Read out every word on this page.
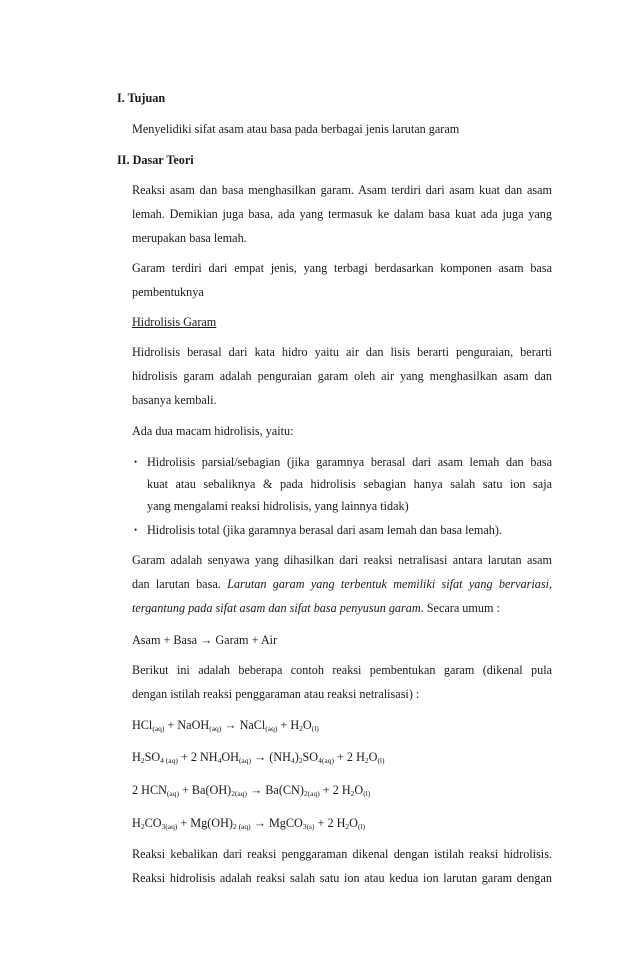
I. Tujuan
Menyelidiki sifat asam atau basa pada berbagai jenis larutan garam
II. Dasar Teori
Reaksi asam dan basa menghasilkan garam. Asam terdiri dari asam kuat dan asam
lemah. Demikian juga basa, ada yang termasuk ke dalam basa kuat ada juga yang
merupakan basa lemah.
Garam terdiri dari empat jenis, yang terbagi berdasarkan komponen asam basa
pembentuknya
Hidrolisis Garam
Hidrolisis berasal dari kata hidro yaitu air dan lisis berarti penguraian, berarti
hidrolisis garam adalah penguraian garam oleh air yang menghasilkan asam dan
basanya kembali.
Ada dua macam hidrolisis, yaitu:
• Hidrolisis parsial/sebagian (jika garamnya berasal dari asam lemah dan basa
kuat atau sebaliknya & pada hidrolisis sebagian hanya salah satu ion saja
yang mengalami reaksi hidrolisis, yang lainnya tidak)
• Hidrolisis total (jika garamnya berasal dari asam lemah dan basa lemah).
Garam adalah senyawa yang dihasilkan dari reaksi netralisasi antara larutan asam
dan larutan basa. Larutan garam yang terbentuk memiliki sifat yang bervariasi,
tergantung pada sifat asam dan sifat basa penyusun garam. Secara umum :
Asam + Basa → Garam + Air
Berikut ini adalah beberapa contoh reaksi pembentukan garam (dikenal pula
dengan istilah reaksi penggaraman atau reaksi netralisasi) :
HCl$_{(aq)}$ + NaOH$_{(aq)}$ → NaCl$_{(aq)}$ + $H_2O_{(l)}$
$H_2SO_{4 (aq)} + 2$ $NH_4OH_{(aq)} \to (NH_4)_2SO_{4(aq)} + 2$ $H_2O_{(l)}$
2 $HCN_{(aq)} + Ba(OH)_{2(aq)} \to Ba(CN)_{2(aq)} + 2$ $H_2O_{(l)}$
$H_2CO_{3(aq)} + Mg(OH)_{2 (aq)}$ → MgCO$_{3(s)}$ + 2 $H_2O_{(l)}$
Reaksi kebalikan dari reaksi penggaraman dikenal dengan istilah reaksi hidrolisis.
Reaksi hidrolisis adalah reaksi salah satu ion atau kedua ion larutan garam dengan
